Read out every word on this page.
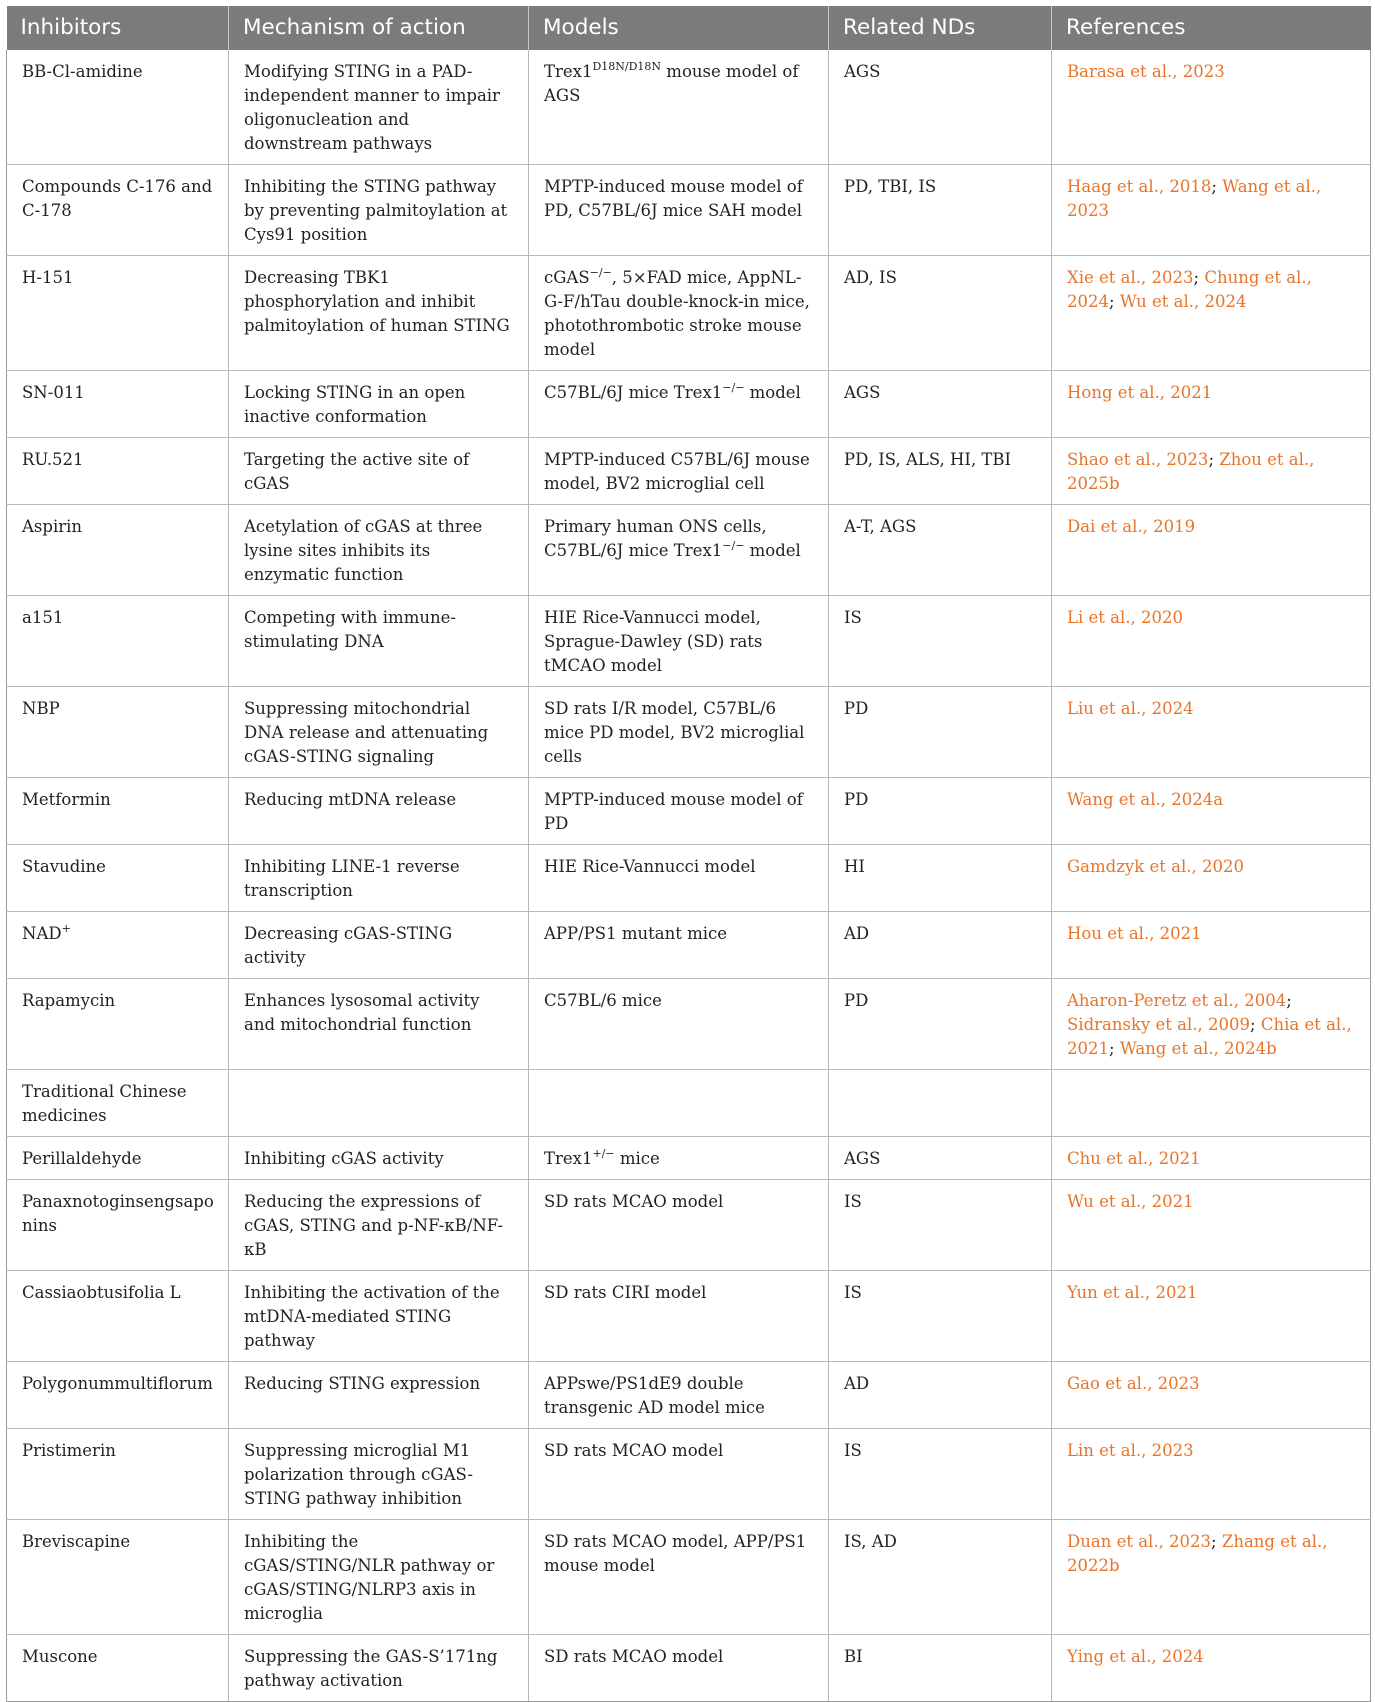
Inhibitors	Mechanism of action	Models	Related NDs	References
BB-Cl-amidine	Modifying STING in a PAD-independent manner to impair oligonucleation and downstream pathways	$Trex1^{D18N/D18N}$ mouse model of AGS	AGS	Barasa et al., 2023
Compounds C-176 and C-178	Inhibiting the STING pathway by preventing palmitoylation at Cys91 position	MPTP-induced mouse model of PD, C57BL/6J mice SAH model	PD, TBI, IS	Haag et al., 2018; Wang et al., 2023
H-151	Decreasing TBK1 phosphorylation and inhibit palmitoylation of human STING	cGAS−/−, 5×FAD mice, AppNL-G-F/hTau double-knock-in mice, photothrombotic stroke mouse model	AD, IS	Xie et al., 2023; Chung et al., 2024; Wu et al., 2024
SN-011	Locking STING in an open inactive conformation	C57BL/6J mice Trex1−/− model	AGS	Hong et al., 2021
RU.521	Targeting the active site of cGAS	MPTP-induced C57BL/6J mouse model, BV2 microglial cell	PD, IS, ALS, HI, TBI	Shao et al., 2023; Zhou et al., 2025b
Aspirin	Acetylation of cGAS at three lysine sites inhibits its enzymatic function	Primary human ONS cells, C57BL/6J mice Trex1−/− model	A-T, AGS	Dai et al., 2019
a151	Competing with immune-stimulating DNA	HIE Rice-Vannucci model, Sprague-Dawley (SD) rats tMCAO model	IS	Li et al., 2020
NBP	Suppressing mitochondrial DNA release and attenuating cGAS-STING signaling	SD rats I/R model, C57BL/6 mice PD model, BV2 microglial cells	PD	Liu et al., 2024
Metformin	Reducing mtDNA release	MPTP-induced mouse model of PD	PD	Wang et al., 2024a
Stavudine	Inhibiting LINE-1 reverse transcription	HIE Rice-Vannucci model	HI	Gamdzyk et al., 2020
NAD+	Decreasing cGAS-STING activity	APP/PS1 mutant mice	AD	Hou et al., 2021
Rapamycin	Enhances lysosomal activity and mitochondrial function	C57BL/6 mice	PD	Aharon-Peretz et al., 2004; Sidransky et al., 2009; Chia et al., 2021; Wang et al., 2024b
Traditional Chinese medicines				
Perillaldehyde	Inhibiting cGAS activity	Trex1+/− mice	AGS	Chu et al., 2021
Panaxnotoginsengsaponins	Reducing the expressions of cGAS, STING and p-NF-κB/NF-κB	SD rats MCAO model	IS	Wu et al., 2021
Cassiaobtusifolia L	Inhibiting the activation of the mtDNA-mediated STING pathway	SD rats CIRI model	IS	Yun et al., 2021
Polygonummultiflorum	Reducing STING expression	APPswe/PS1dE9 double transgenic AD model mice	AD	Gao et al., 2023
Pristimerin	Suppressing microglial M1 polarization through cGAS-STING pathway inhibition	SD rats MCAO model	IS	Lin et al., 2023
Breviscapine	Inhibiting the cGAS/STING/NLR pathway or cGAS/STING/NLRP3 axis in microglia	SD rats MCAO model, APP/PS1 mouse model	IS, AD	Duan et al., 2023; Zhang et al., 2022b
Muscone	Suppressing the GAS-S’171ng pathway activation	SD rats MCAO model	BI	Ying et al., 2024
